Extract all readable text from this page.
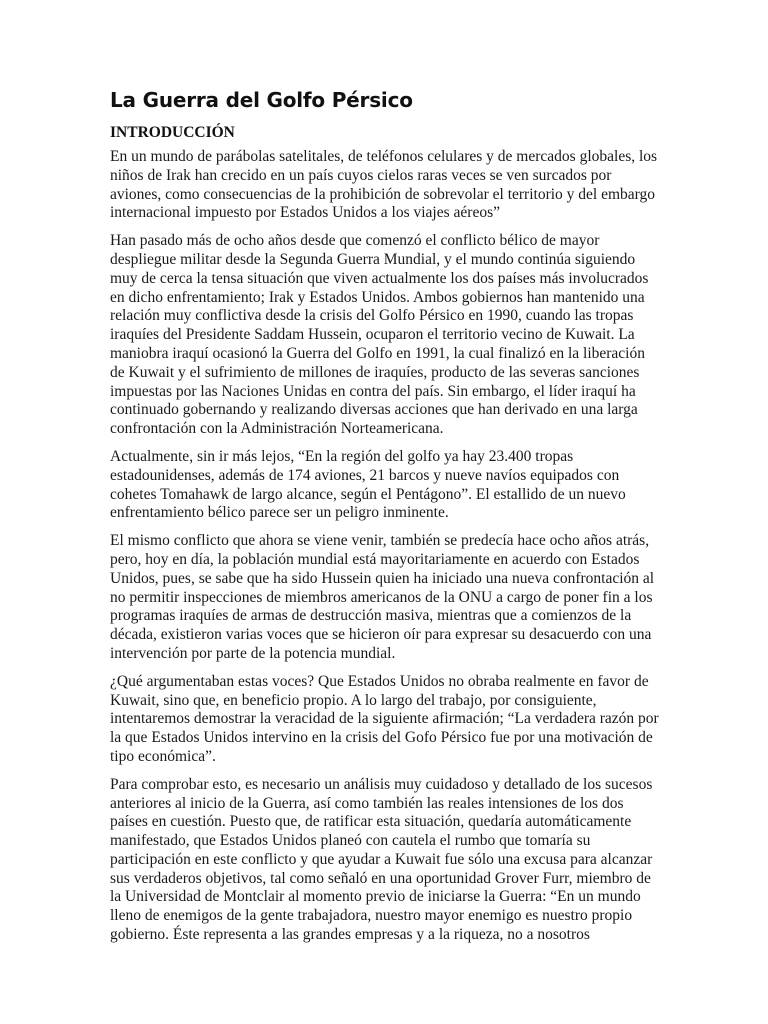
La Guerra del Golfo Pérsico
INTRODUCCIÓN

En un mundo de parábolas satelitales, de teléfonos celulares y de mercados globales, los niños de Irak han crecido en un país cuyos cielos raras veces se ven surcados por aviones, como consecuencias de la prohibición de sobrevolar el territorio y del embargo internacional impuesto por Estados Unidos a los viajes aéreos”

Han pasado más de ocho años desde que comenzó el conflicto bélico de mayor despliegue militar desde la Segunda Guerra Mundial, y el mundo continúa siguiendo muy de cerca la tensa situación que viven actualmente los dos países más involucrados en dicho enfrentamiento; Irak y Estados Unidos. Ambos gobiernos han mantenido una relación muy conflictiva desde la crisis del Golfo Pérsico en 1990, cuando las tropas iraquíes del Presidente Saddam Hussein, ocuparon el territorio vecino de Kuwait. La maniobra iraquí ocasionó la Guerra del Golfo en 1991, la cual finalizó en la liberación de Kuwait y el sufrimiento de millones de iraquíes, producto de las severas sanciones impuestas por las Naciones Unidas en contra del país. Sin embargo, el líder iraquí ha continuado gobernando y realizando diversas acciones que han derivado en una larga confrontación con la Administración Norteamericana.

Actualmente, sin ir más lejos, “En la región del golfo ya hay 23.400 tropas estadounidenses, además de 174 aviones, 21 barcos y nueve navíos equipados con cohetes Tomahawk de largo alcance, según el Pentágono”. El estallido de un nuevo enfrentamiento bélico parece ser un peligro inminente.

El mismo conflicto que ahora se viene venir, también se predecía hace ocho años atrás, pero, hoy en día, la población mundial está mayoritariamente en acuerdo con Estados Unidos, pues, se sabe que ha sido Hussein quien ha iniciado una nueva confrontación al no permitir inspecciones de miembros americanos de la ONU a cargo de poner fin a los programas iraquíes de armas de destrucción masiva, mientras que a comienzos de la década, existieron varias voces que se hicieron oír para expresar su desacuerdo con una intervención por parte de la potencia mundial.

¿Qué argumentaban estas voces? Que Estados Unidos no obraba realmente en favor de Kuwait, sino que, en beneficio propio. A lo largo del trabajo, por consiguiente, intentaremos demostrar la veracidad de la siguiente afirmación; “La verdadera razón por la que Estados Unidos intervino en la crisis del Gofo Pérsico fue por una motivación de tipo económica”.

Para comprobar esto, es necesario un análisis muy cuidadoso y detallado de los sucesos anteriores al inicio de la Guerra, así como también las reales intensiones de los dos países en cuestión. Puesto que, de ratificar esta situación, quedaría automáticamente manifestado, que Estados Unidos planeó con cautela el rumbo que tomaría su participación en este conflicto y que ayudar a Kuwait fue sólo una excusa para alcanzar sus verdaderos objetivos, tal como señaló en una oportunidad Grover Furr, miembro de la Universidad de Montclair al momento previo de iniciarse la Guerra: “En un mundo lleno de enemigos de la gente trabajadora, nuestro mayor enemigo es nuestro propio gobierno. Éste representa a las grandes empresas y a la riqueza, no a nosotros
